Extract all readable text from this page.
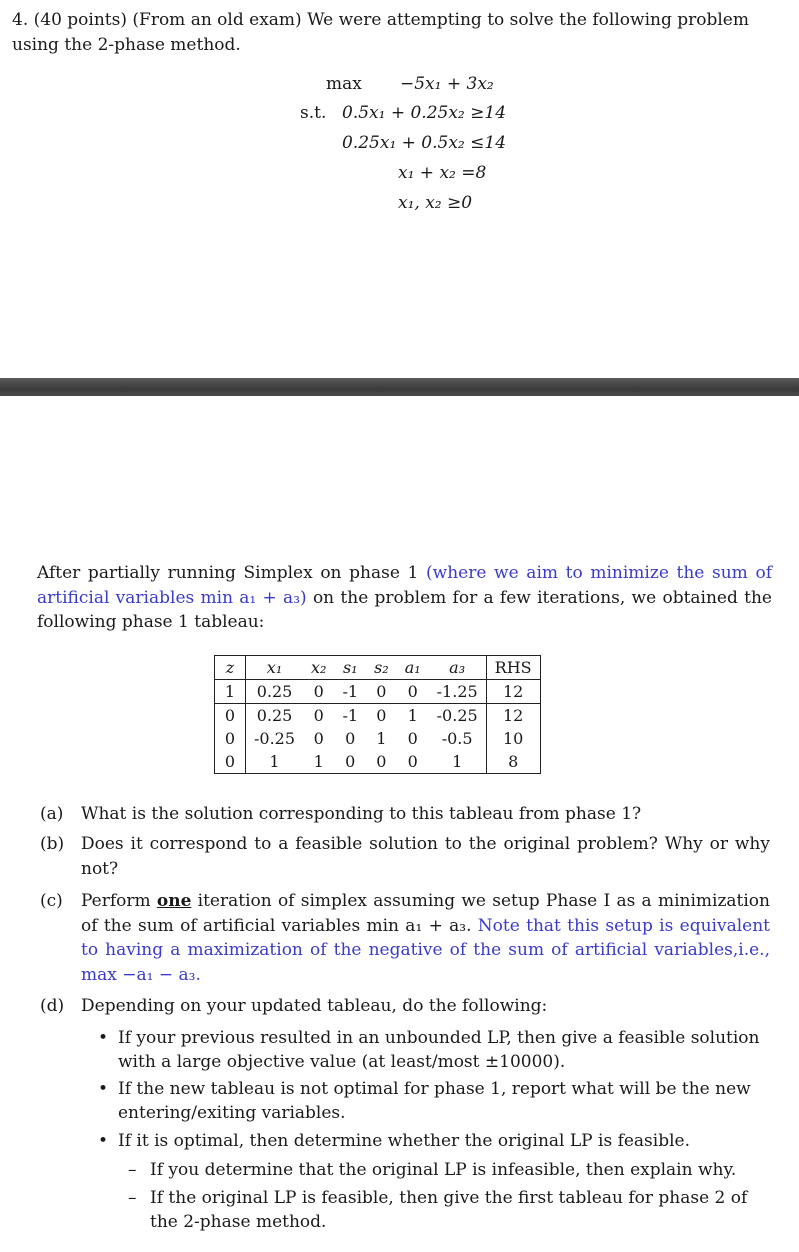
4. (40 points) (From an old exam) We were attempting to solve the following problem using the 2-phase method.
max −5x₁ + 3x₂
s.t. 0.5x₁ + 0.25x₂ ≥14
0.25x₁ + 0.5x₂ ≤14
x₁ + x₂ =8
x₁, x₂ ≥0
After partially running Simplex on phase 1 (where we aim to minimize the sum of artificial variables min a₁ + a₃) on the problem for a few iterations, we obtained the following phase 1 tableau:
z	x₁	x₂	s₁	s₂	a₁	a₃	RHS
1	0.25	0	-1	0	0	-1.25	12
0	0.25	0	-1	0	1	-0.25	12
0	-0.25	0	0	1	0	-0.5	10
0	1	1	0	0	0	1	8
(a)	What is the solution corresponding to this tableau from phase 1?
(b) Does it correspond to a feasible solution to the original problem? Why or why not?
(c)	Perform one iteration of simplex assuming we setup Phase I as a minimization of the sum of artificial variables min a₁ + a₃. Note that this setup is equivalent to having a maximization of the negative of the sum of artificial variables,i.e., max −a₁ − a₃.
(d) Depending on your updated tableau, do the following:
• If your previous resulted in an unbounded LP, then give a feasible solution with a large objective value (at least/most ±10000).
• If the new tableau is not optimal for phase 1, report what will be the new entering/exiting variables.
• If it is optimal, then determine whether the original LP is feasible.
– If you determine that the original LP is infeasible, then explain why.
– If the original LP is feasible, then give the first tableau for phase 2 of the 2-phase method.
